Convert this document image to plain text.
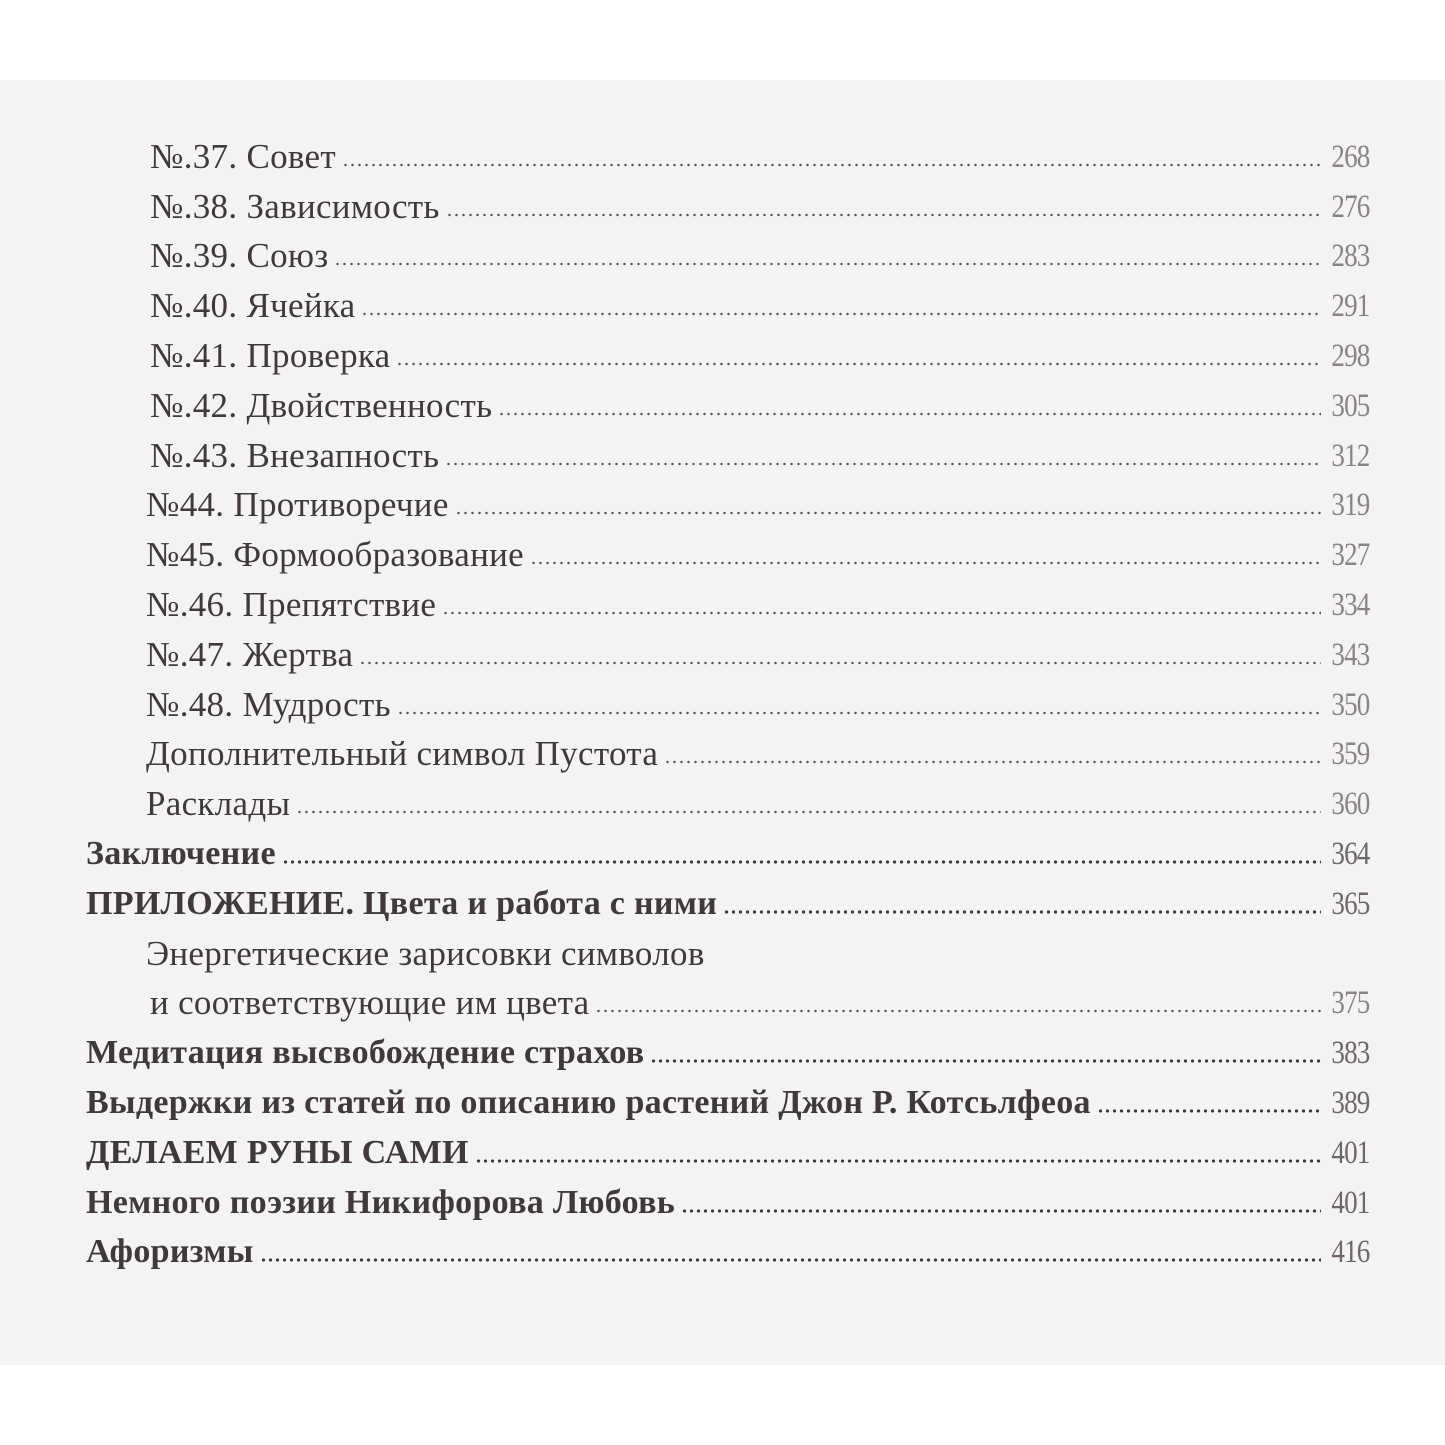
№.37. Совет	268
№.38. Зависимость	276
№.39. Союз	283
№.40. Ячейка	291
№.41. Проверка	298
№.42. Двойственность	305
№.43. Внезапность	312
№44. Противоречие	319
№45. Формообразование	327
№.46. Препятствие	334
№.47. Жертва	343
№.48. Мудрость	350
Дополнительный символ Пустота	359
Расклады	360
Заключение	364
ПРИЛОЖЕНИЕ. Цвета и работа с ними	365
Энергетические зарисовки символов
и соответствующие им цвета	375
Медитация высвобождение страхов	383
Выдержки из статей по описанию растений Джон Р. Котсьлфеоа	389
ДЕЛАЕМ РУНЫ САМИ	401
Немного поэзии Никифорова Любовь	401
Афоризмы	416
